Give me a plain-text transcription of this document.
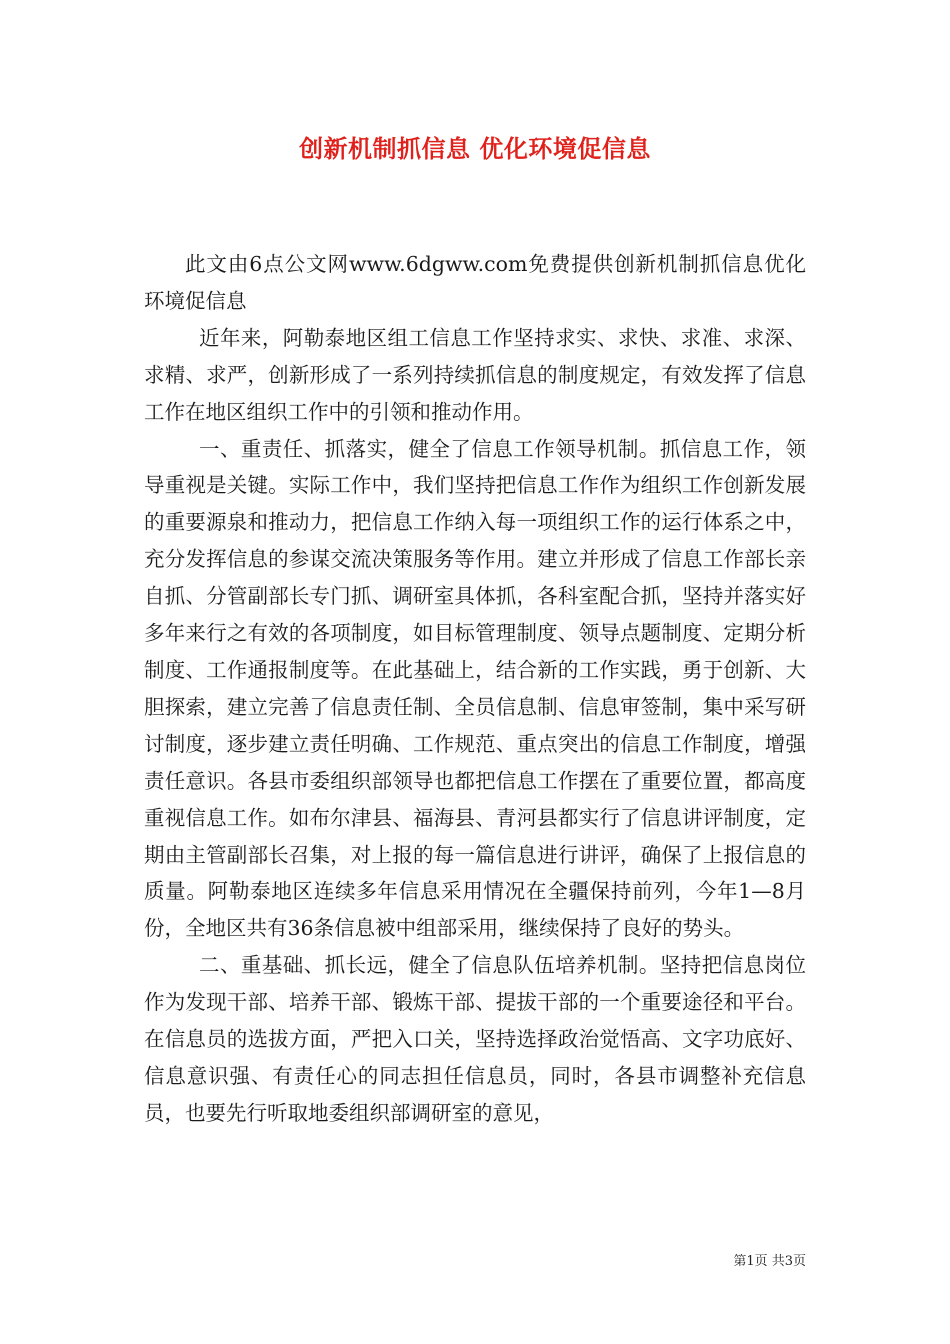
创新机制抓信息 优化环境促信息

此文由6点公文网www.6dgww.com免费提供创新机制抓信息优化环境促信息

近年来，阿勒泰地区组工信息工作坚持求实、求快、求准、求深、求精、求严，创新形成了一系列持续抓信息的制度规定，有效发挥了信息工作在地区组织工作中的引领和推动作用。

一、重责任、抓落实，健全了信息工作领导机制。抓信息工作，领导重视是关键。实际工作中，我们坚持把信息工作作为组织工作创新发展的重要源泉和推动力，把信息工作纳入每一项组织工作的运行体系之中，充分发挥信息的参谋交流决策服务等作用。建立并形成了信息工作部长亲自抓、分管副部长专门抓、调研室具体抓，各科室配合抓，坚持并落实好多年来行之有效的各项制度，如目标管理制度、领导点题制度、定期分析制度、工作通报制度等。在此基础上，结合新的工作实践，勇于创新、大胆探索，建立完善了信息责任制、全员信息制、信息审签制，集中采写研讨制度，逐步建立责任明确、工作规范、重点突出的信息工作制度，增强责任意识。各县市委组织部领导也都把信息工作摆在了重要位置，都高度重视信息工作。如布尔津县、福海县、青河县都实行了信息讲评制度，定期由主管副部长召集，对上报的每一篇信息进行讲评，确保了上报信息的质量。阿勒泰地区连续多年信息采用情况在全疆保持前列，今年1—8月份，全地区共有36条信息被中组部采用，继续保持了良好的势头。

二、重基础、抓长远，健全了信息队伍培养机制。坚持把信息岗位作为发现干部、培养干部、锻炼干部、提拔干部的一个重要途径和平台。在信息员的选拔方面，严把入口关，坚持选择政治觉悟高、文字功底好、信息意识强、有责任心的同志担任信息员，同时，各县市调整补充信息员，也要先行听取地委组织部调研室的意见，

第1页 共3页
